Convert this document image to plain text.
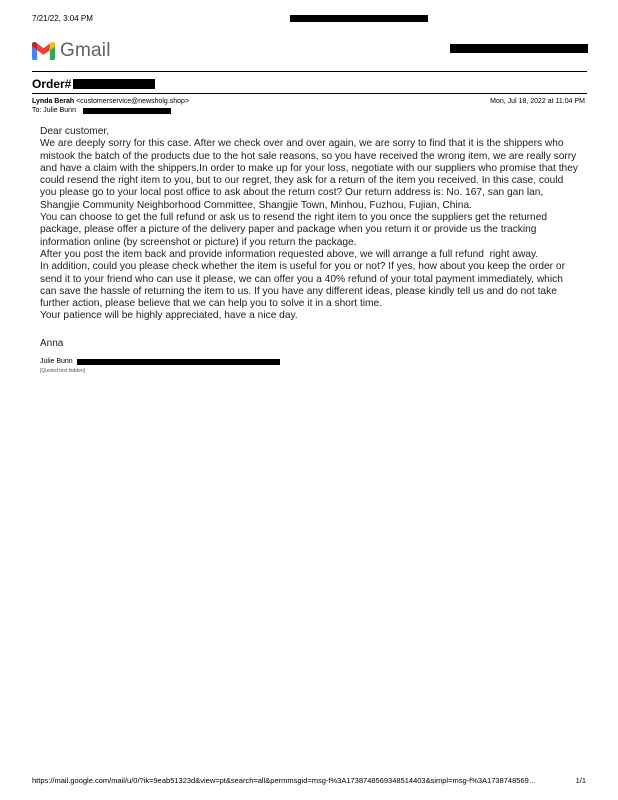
7/21/22, 3:04 PM
Gmail
Order#
Lynda Berah <customerservice@newsholg.shop>	Mon, Jul 18, 2022 at 11:04 PM
To: Julie Bunn

Dear customer,

We are deeply sorry for this case. After we check over and over again, we are sorry to find that it is the shippers who mistook the batch of the products due to the hot sale reasons, so you have received the wrong item, we are really sorry and have a claim with the shippers.In order to make up for your loss, negotiate with our suppliers who promise that they could resend the right item to you, but to our regret, they ask for a return of the item you received. In this case, could you please go to your local post office to ask about the return cost? Our return address is: No. 167, san gan lan, Shangjie Community Neighborhood Committee, Shangjie Town, Minhou, Fuzhou, Fujian, China.

You can choose to get the full refund or ask us to resend the right item to you once the suppliers get the returned package, please offer a picture of the delivery paper and package when you return it or provide us the tracking information online (by screenshot or picture) if you return the package.

After you post the item back and provide information requested above, we will arrange a full refund  right away.

In addition, could you please check whether the item is useful for you or not? If yes, how about you keep the order or send it to your friend who can use it please, we can offer you a 40% refund of your total payment immediately, which can save the hassle of returning the item to us. If you have any different ideas, please kindly tell us and do not take further action, please believe that we can help you to solve it in a short time.

Your patience will be highly appreciated, have a nice day.

Anna
Julie Bunn
[Quoted text hidden]
https://mail.google.com/mail/u/0/?ik=9eab51323d&view=pt&search=all&permmsgid=msg-f%3A1738748569348514403&simpl=msg-f%3A1738748569…	1/1
